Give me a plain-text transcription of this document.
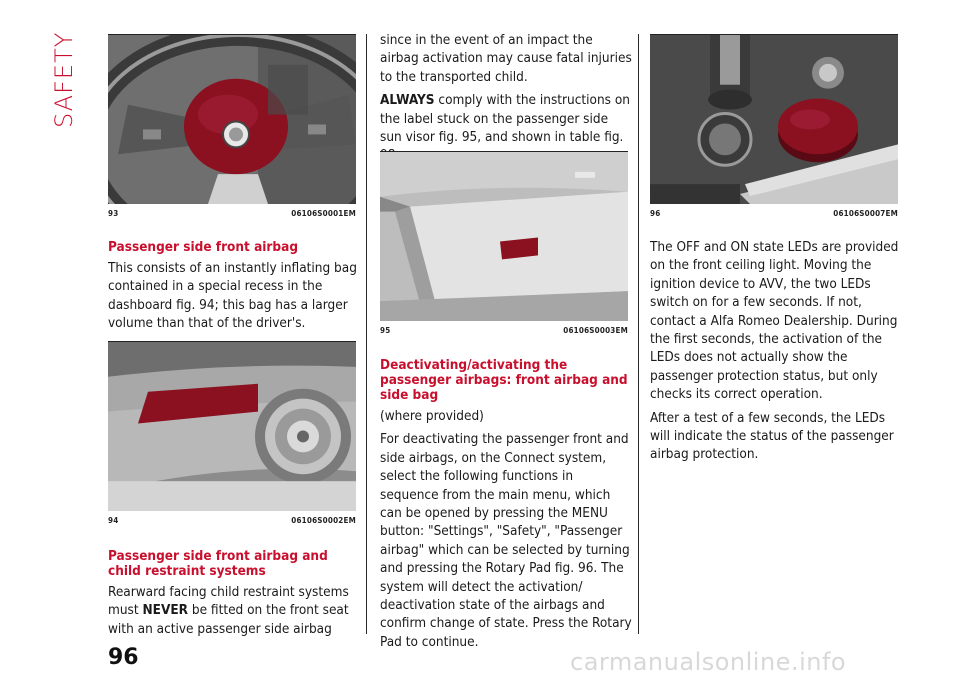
SAFETY
93	06106S0001EM
Passenger side front airbag

This consists of an instantly inflating bag contained in a special recess in the dashboard fig. 94; this bag has a larger volume than that of the driver's.

94	06106S0002EM
Passenger side front airbag and child restraint systems

Rearward facing child restraint systems must NEVER be fitted on the front seat with an active passenger side airbag

since in the event of an impact the airbag activation may cause fatal injuries to the transported child.

ALWAYS comply with the instructions on the label stuck on the passenger side sun visor fig. 95, and shown in table fig.

95	06106S0003EM
Deactivating/activating the passenger airbags: front airbag and side bag

(where provided)

For deactivating the passenger front and side airbags, on the Connect system, select the following functions in sequence from the main menu, which can be opened by pressing the MENU button: "Settings", "Safety", "Passenger airbag" which can be selected by turning and pressing the Rotary Pad fig. 96. The system will detect the activation/ deactivation state of the airbags and confirm change of state. Press the Rotary Pad to continue.

96	06106S0007EM

The OFF and ON state LEDs are provided on the front ceiling light. Moving the ignition device to AVV, the two LEDs switch on for a few seconds. If not, contact a Alfa Romeo Dealership. During the first seconds, the activation of the LEDs does not actually show the passenger protection status, but only checks its correct operation.

After a test of a few seconds, the LEDs will indicate the status of the passenger airbag protection.

96	carmanualsonline.info
